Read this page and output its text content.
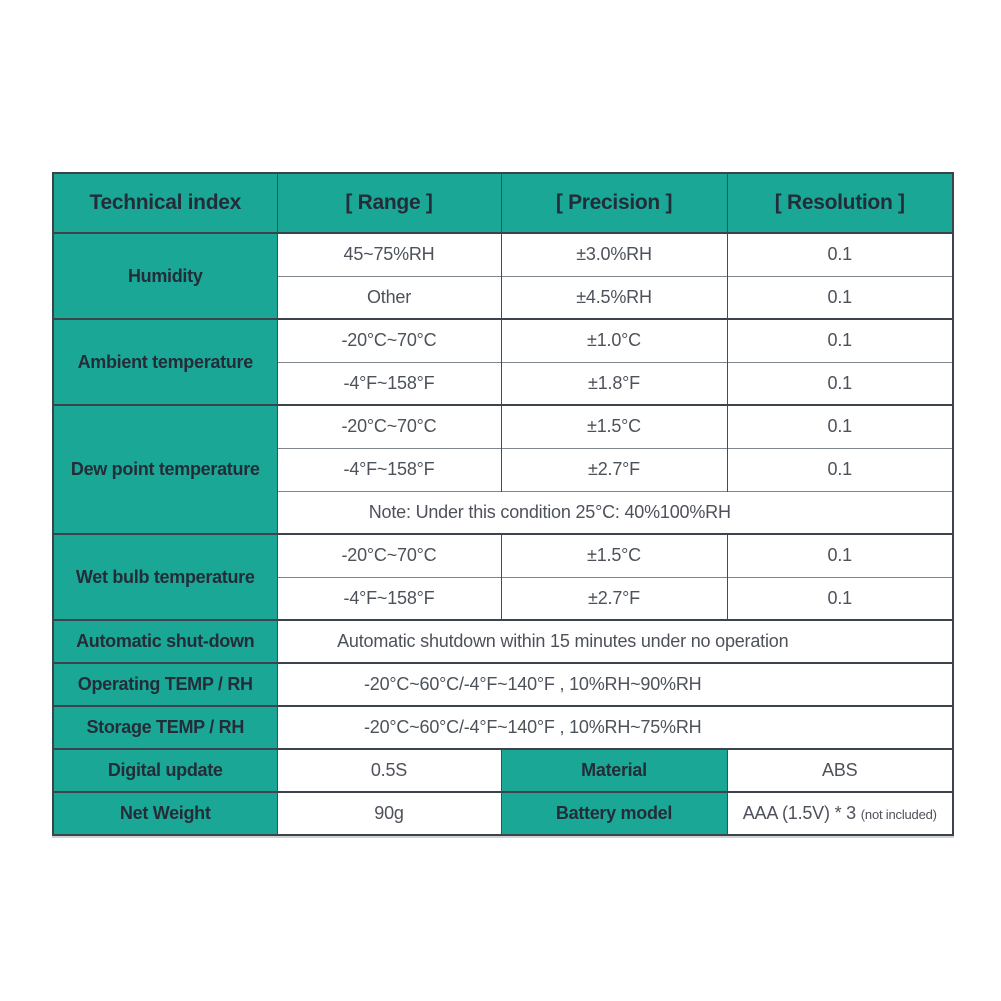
Technical index	[ Range ]	[ Precision ]	[ Resolution ]
Humidity	45~75%RH	±3.0%RH	0.1
	Other	±4.5%RH	0.1
Ambient temperature	-20°C~70°C	±1.0°C	0.1
	-4°F~158°F	±1.8°F	0.1
Dew point temperature	-20°C~70°C	±1.5°C	0.1
	-4°F~158°F	±2.7°F	0.1
	Note: Under this condition 25°C: 40%100%RH		
Wet bulb temperature	-20°C~70°C	±1.5°C	0.1
	-4°F~158°F	±2.7°F	0.1
Automatic shut-down	Automatic shutdown within 15 minutes under no operation		
Operating TEMP / RH	-20°C~60°C/-4°F~140°F , 10%RH~90%RH		
Storage TEMP / RH	-20°C~60°C/-4°F~140°F , 10%RH~75%RH		
Digital update	0.5S	Material	ABS
Net Weight	90g	Battery model	AAA (1.5V) * 3 (not included)
